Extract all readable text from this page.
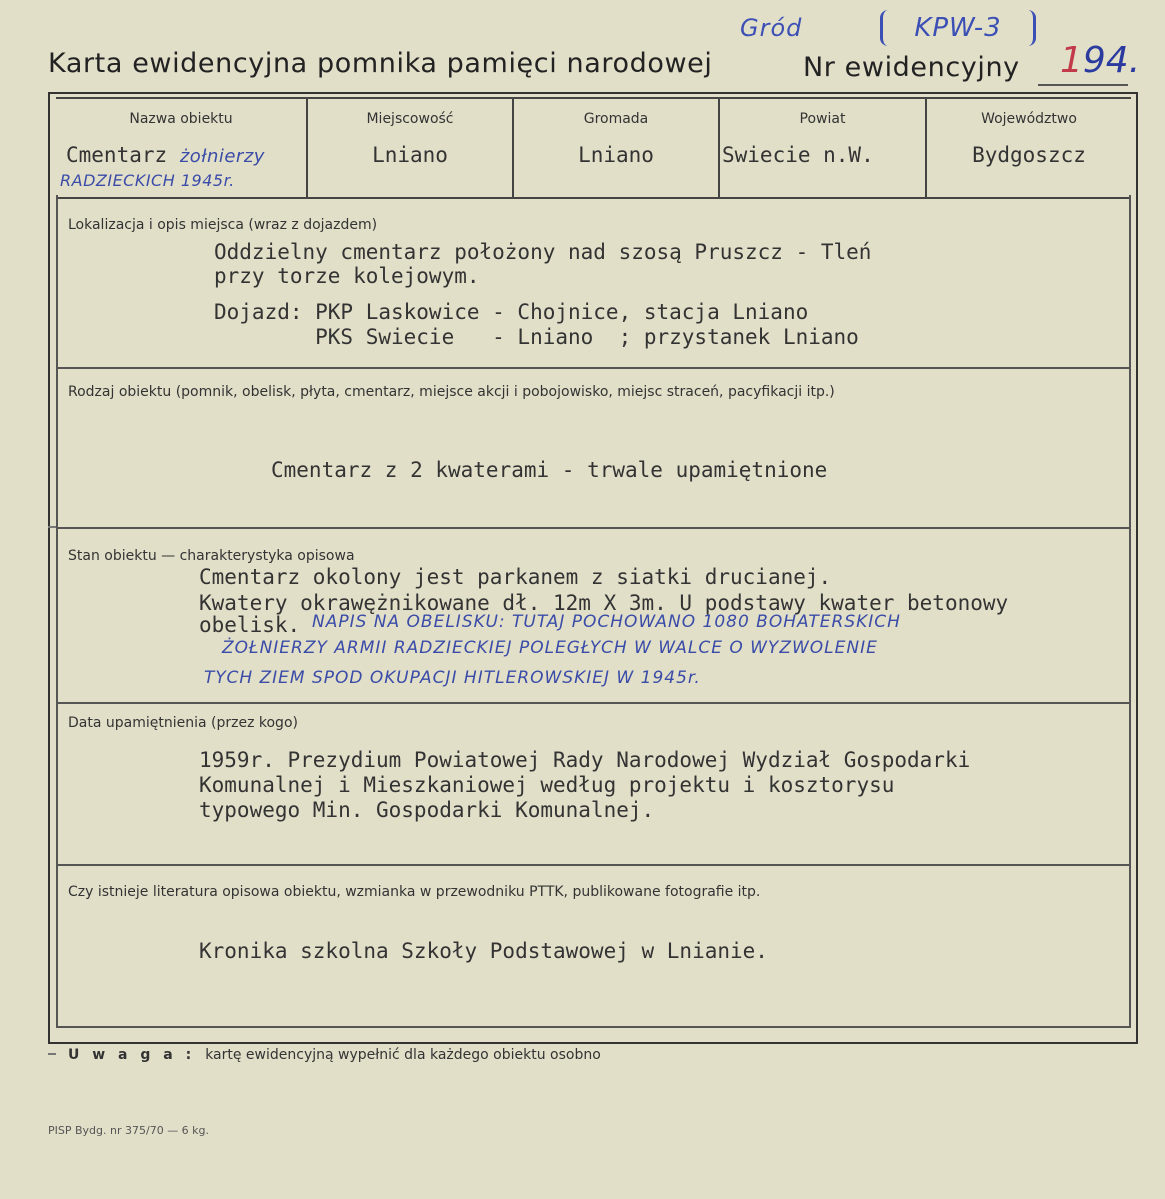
Gród	KPW-3
Karta ewidencyjna pomnika pamięci narodowej	Nr ewidencyjny 194.
Nazwa obiektu
Cmentarz żołnierzy
RADZIECKICH 1945r.
Miejscowość
Lniano
Gromada
Lniano
Powiat
Swiecie n.W.
Województwo
Bydgoszcz
Lokalizacja i opis miejsca (wraz z dojazdem)
Oddzielny cmentarz położony nad szosą Pruszcz - Tleń
przy torze kolejowym.
Dojazd: PKP Laskowice - Chojnice, stacja Lniano
PKS Swiecie   - Lniano  ; przystanek Lniano
Rodzaj obiektu (pomnik, obelisk, płyta, cmentarz, miejsce akcji i pobojowisko, miejsc straceń, pacyfikacji itp.)
Cmentarz z 2 kwaterami - trwale upamiętnione
Stan obiektu — charakterystyka opisowa
Cmentarz okolony jest parkanem z siatki drucianej.
Kwatery okrawężnikowane dł. 12m X 3m. U podstawy kwater betonowy
obelisk. NAPIS NA OBELISKU: TUTAJ POCHOWANO 1080 BOHATERSKICH
ŻOŁNIERZY ARMII RADZIECKIEJ POLEGŁYCH W WALCE O WYZWOLENIE
TYCH ZIEM SPOD OKUPACJI HITLEROWSKIEJ W 1945r.
Data upamiętnienia (przez kogo)
1959r. Prezydium Powiatowej Rady Narodowej Wydział Gospodarki
Komunalnej i Mieszkaniowej według projektu i kosztorysu
typowego Min. Gospodarki Komunalnej.
Czy istnieje literatura opisowa obiektu, wzmianka w przewodniku PTTK, publikowane fotografie itp.
Kronika szkolna Szkoły Podstawowej w Lnianie.
U w a g a : kartę ewidencyjną wypełnić dla każdego obiektu osobno
PISP Bydg. nr 375/70 — 6 kg.
